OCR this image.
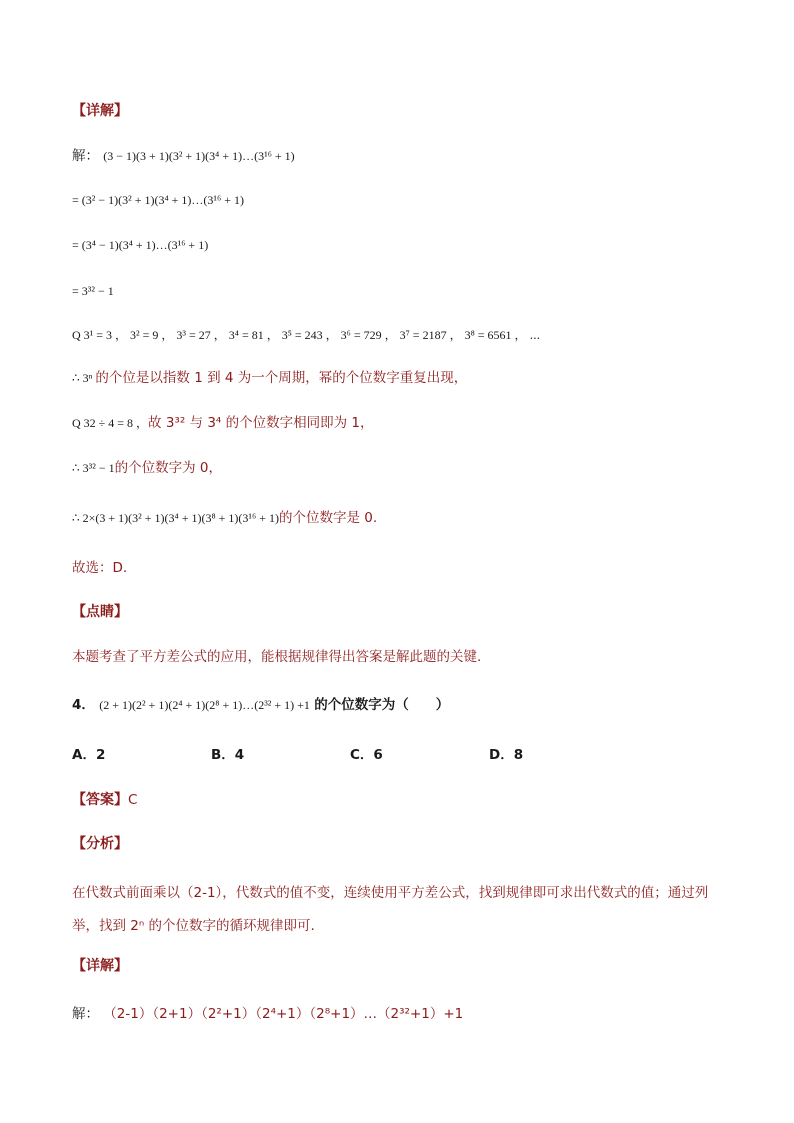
【详解】
解： (3 − 1)(3 + 1)(3² + 1)(3⁴ + 1)…(3¹⁶ + 1)
= (3² − 1)(3² + 1)(3⁴ + 1)…(3¹⁶ + 1)
= (3⁴ − 1)(3⁴ + 1)…(3¹⁶ + 1)
= 3³² − 1
Q 3¹ = 3 ， 3² = 9 ， 3³ = 27 ， 3⁴ = 81 ， 3⁵ = 243 ， 3⁶ = 729 ， 3⁷ = 2187 ， 3⁸ = 6561 ， ⋯
∴ 3ⁿ 的个位是以指数 1 到 4 为一个周期，幂的个位数字重复出现，
Q 32 ÷ 4 = 8 ，故 3³² 与 3⁴ 的个位数字相同即为 1，
∴ 3³² − 1的个位数字为 0，
∴ 2×(3 + 1)(3² + 1)(3⁴ + 1)(3⁸ + 1)(3¹⁶ + 1)的个位数字是 0.
故选：D.
【点睛】
本题考查了平方差公式的应用，能根据规律得出答案是解此题的关键.
4． (2 + 1)(2² + 1)(2⁴ + 1)(2⁸ + 1)…(2³² + 1) +1 的个位数字为（　　）
A．2	B．4	C．6	D．8
【答案】C
【分析】
在代数式前面乘以（2-1），代数式的值不变，连续使用平方差公式，找到规律即可求出代数式的值；通过列举，找到 2ⁿ 的个位数字的循环规律即可.
【详解】
解： （2-1）（2+1）（2²+1）（2⁴+1）（2⁸+1）…（2³²+1）+1
